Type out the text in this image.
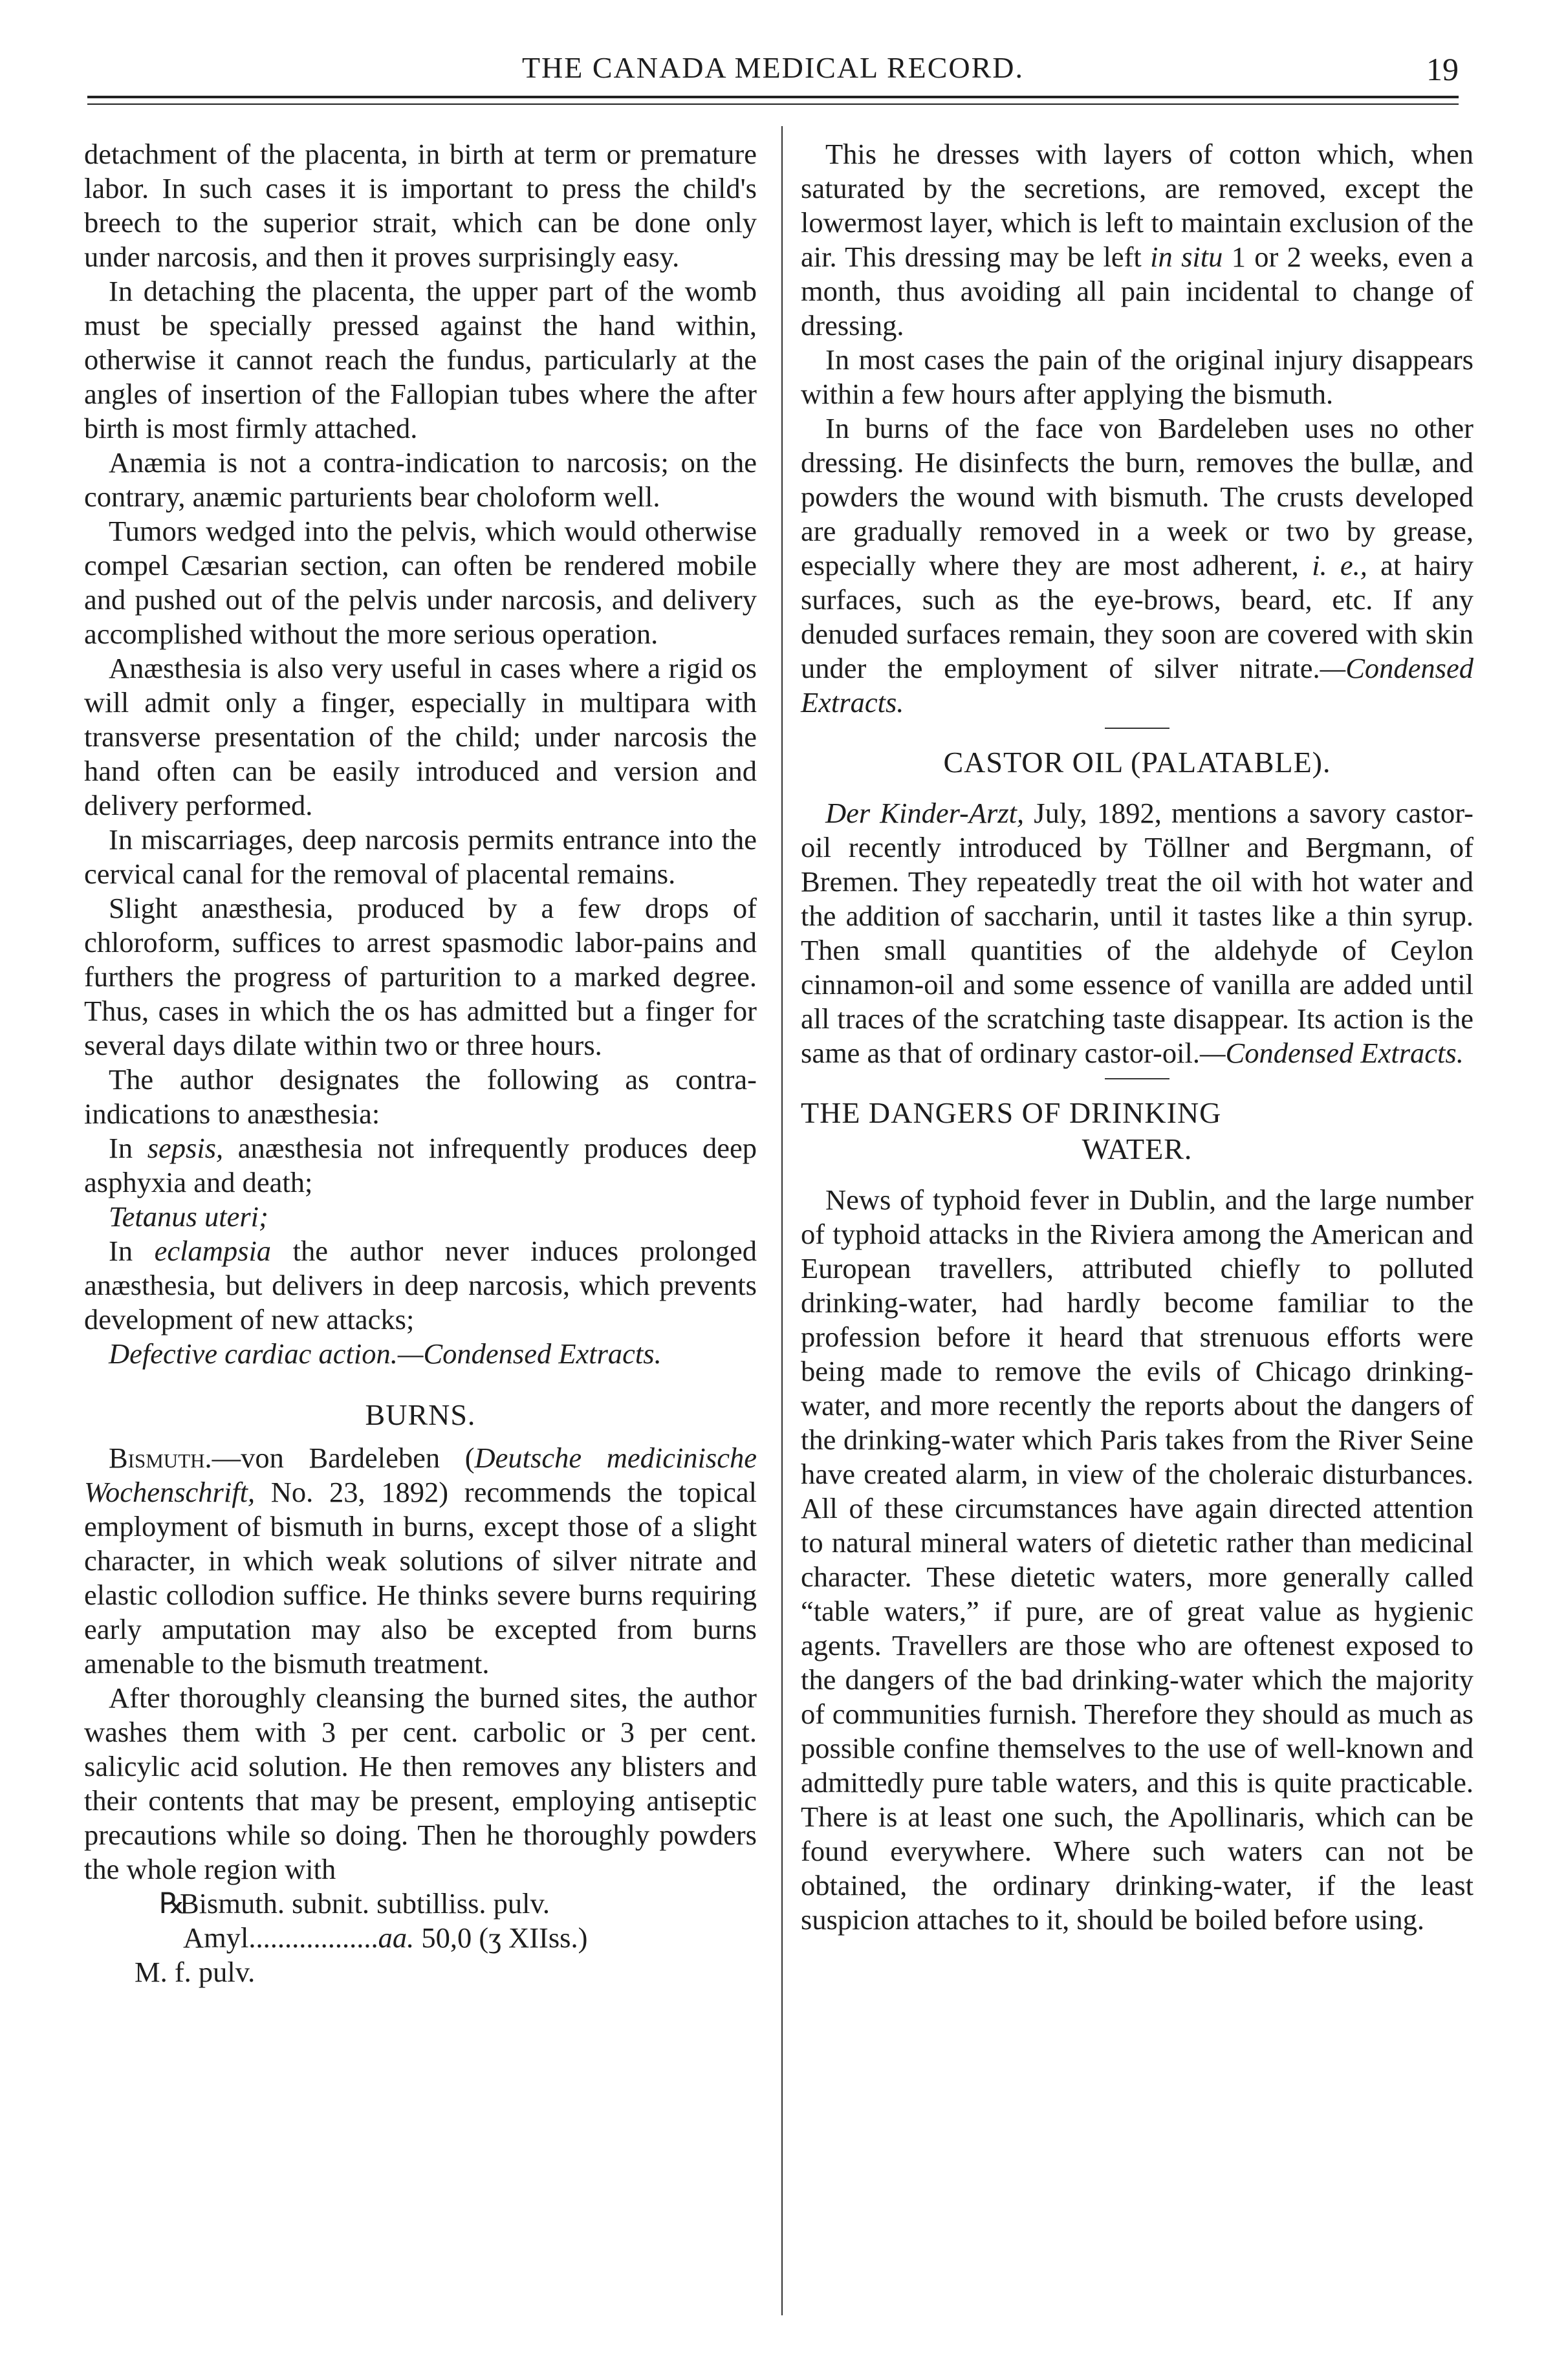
THE CANADA MEDICAL RECORD.	19

detachment of the placenta, in birth at term or premature labor. In such cases it is important to press the child's breech to the superior strait, which can be done only under narcosis, and then it proves surprisingly easy.

In detaching the placenta, the upper part of the womb must be specially pressed against the hand within, otherwise it cannot reach the fundus, particularly at the angles of insertion of the Fallopian tubes where the after birth is most firmly attached.

Anæmia is not a contra-indication to narcosis; on the contrary, anæmic parturients bear choloform well.

Tumors wedged into the pelvis, which would otherwise compel Cæsarian section, can often be rendered mobile and pushed out of the pelvis under narcosis, and delivery accomplished without the more serious operation.

Anæsthesia is also very useful in cases where a rigid os will admit only a finger, especially in multipara with transverse presentation of the child; under narcosis the hand often can be easily introduced and version and delivery performed.

In miscarriages, deep narcosis permits entrance into the cervical canal for the removal of placental remains.

Slight anæsthesia, produced by a few drops of chloroform, suffices to arrest spasmodic labor-pains and furthers the progress of parturition to a marked degree. Thus, cases in which the os has admitted but a finger for several days dilate within two or three hours.

The author designates the following as contra-indications to anæsthesia:

In sepsis, anæsthesia not infrequently produces deep asphyxia and death;

Tetanus uteri;

In eclampsia the author never induces prolonged anæsthesia, but delivers in deep narcosis, which prevents development of new attacks;

Defective cardiac action.—Condensed Extracts.

BURNS.

Bismuth.—von Bardeleben (Deutsche medicinische Wochenschrift, No. 23, 1892) recommends the topical employment of bismuth in burns, except those of a slight character, in which weak solutions of silver nitrate and elastic collodion suffice. He thinks severe burns requiring early amputation may also be excepted from burns amenable to the bismuth treatment.

After thoroughly cleansing the burned sites, the author washes them with 3 per cent. carbolic or 3 per cent. salicylic acid solution. He then removes any blisters and their contents that may be present, employing antiseptic precautions while so doing. Then he thoroughly powders the whole region with

℞Bismuth. subnit. subtilliss. pulv.

Amyl..................aa. 50,0 (ʒ XIIss.)

M. f. pulv.

This he dresses with layers of cotton which, when saturated by the secretions, are removed, except the lowermost layer, which is left to maintain exclusion of the air. This dressing may be left in situ 1 or 2 weeks, even a month, thus avoiding all pain incidental to change of dressing.

In most cases the pain of the original injury disappears within a few hours after applying the bismuth.

In burns of the face von Bardeleben uses no other dressing. He disinfects the burn, removes the bullæ, and powders the wound with bismuth. The crusts developed are gradually removed in a week or two by grease, especially where they are most adherent, i. e., at hairy surfaces, such as the eye-brows, beard, etc. If any denuded surfaces remain, they soon are covered with skin under the employment of silver nitrate.—Condensed Extracts.

CASTOR OIL (PALATABLE).

Der Kinder-Arzt, July, 1892, mentions a savory castor-oil recently introduced by Töllner and Bergmann, of Bremen. They repeatedly treat the oil with hot water and the addition of saccharin, until it tastes like a thin syrup. Then small quantities of the aldehyde of Ceylon cinnamon-oil and some essence of vanilla are added until all traces of the scratching taste disappear. Its action is the same as that of ordinary castor-oil.—Condensed Extracts.

THE DANGERS OF DRINKING
WATER.

News of typhoid fever in Dublin, and the large number of typhoid attacks in the Riviera among the American and European travellers, attributed chiefly to polluted drinking-water, had hardly become familiar to the profession before it heard that strenuous efforts were being made to remove the evils of Chicago drinking-water, and more recently the reports about the dangers of the drinking-water which Paris takes from the River Seine have created alarm, in view of the choleraic disturbances. All of these circumstances have again directed attention to natural mineral waters of dietetic rather than medicinal character. These dietetic waters, more generally called “table waters,” if pure, are of great value as hygienic agents. Travellers are those who are oftenest exposed to the dangers of the bad drinking-water which the majority of communities furnish. Therefore they should as much as possible confine themselves to the use of well-known and admittedly pure table waters, and this is quite practicable. There is at least one such, the Apollinaris, which can be found everywhere. Where such waters can not be obtained, the ordinary drinking-water, if the least suspicion attaches to it, should be boiled before using.
